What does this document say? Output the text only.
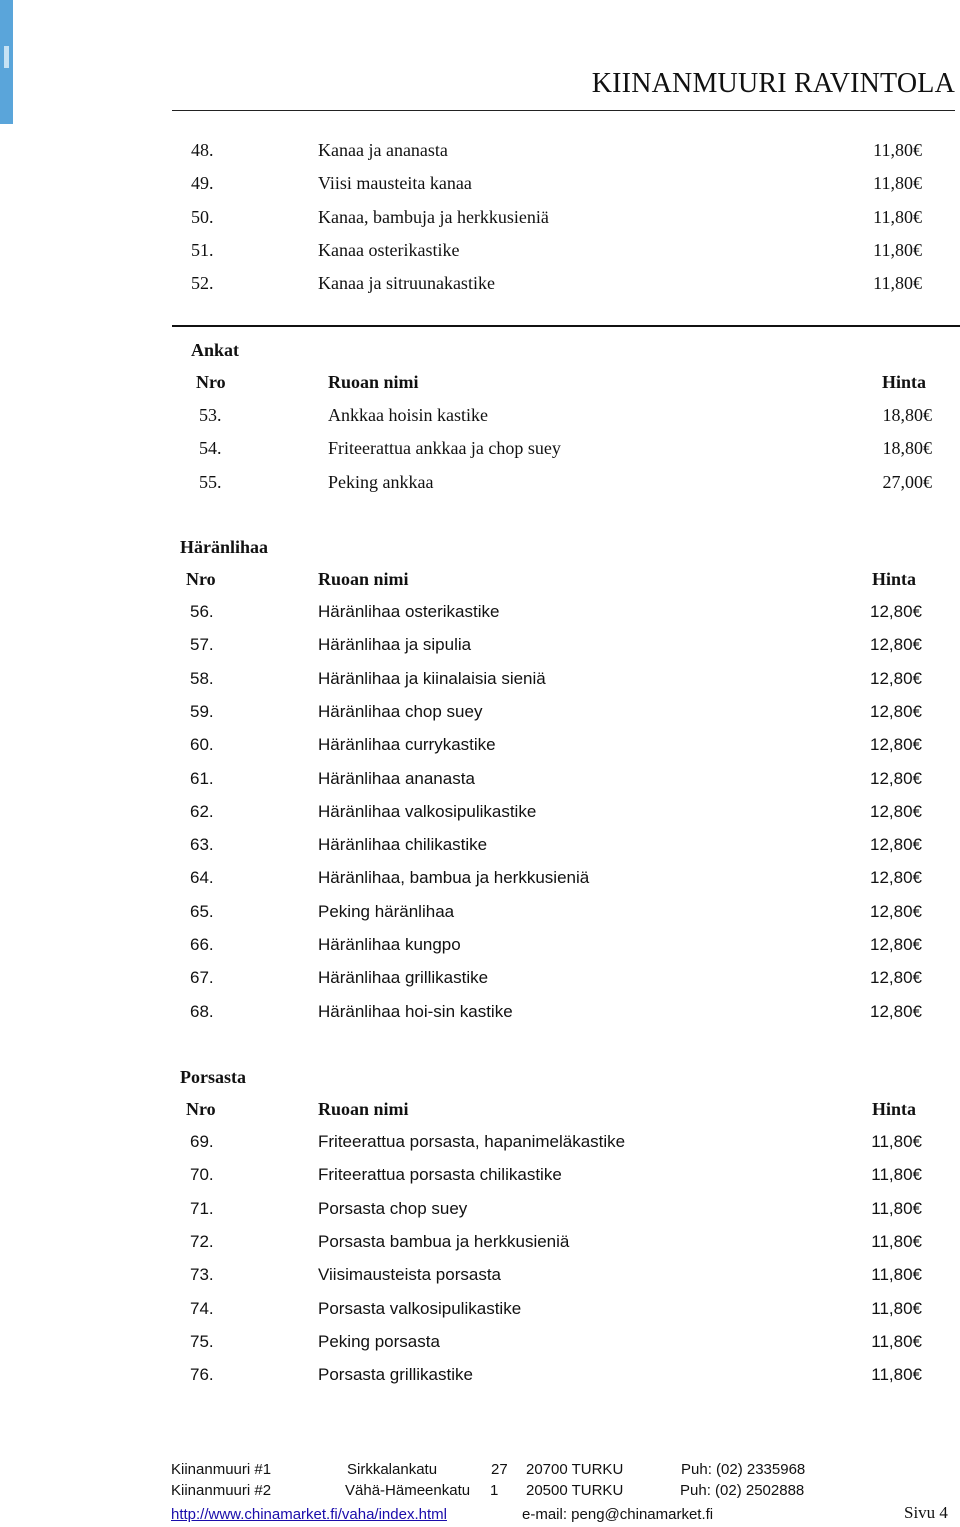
KIINANMUURI RAVINTOLA
48.	Kanaa ja ananasta	11,80€
49.	Viisi mausteita kanaa	11,80€
50.	Kanaa, bambuja ja herkkusieniä	11,80€
51.	Kanaa osterikastike	11,80€
52.	Kanaa ja sitruunakastike	11,80€
Ankat
Nro	Ruoan nimi	Hinta
53.	Ankkaa hoisin kastike	18,80€
54.	Friteerattua ankkaa ja chop suey	18,80€
55.	Peking ankkaa	27,00€
Häränlihaa
Nro	Ruoan nimi	Hinta
56.	Häränlihaa osterikastike	12,80€
57.	Häränlihaa ja sipulia	12,80€
58.	Häränlihaa ja kiinalaisia sieniä	12,80€
59.	Häränlihaa chop suey	12,80€
60.	Häränlihaa currykastike	12,80€
61.	Häränlihaa ananasta	12,80€
62.	Häränlihaa valkosipulikastike	12,80€
63.	Häränlihaa chilikastike	12,80€
64.	Häränlihaa, bambua ja herkkusieniä	12,80€
65.	Peking häränlihaa	12,80€
66.	Häränlihaa kungpo	12,80€
67.	Häränlihaa grillikastike	12,80€
68.	Häränlihaa hoi-sin kastike	12,80€
Porsasta
Nro	Ruoan nimi	Hinta
69.	Friteerattua porsasta, hapanimeläkastike	11,80€
70.	Friteerattua porsasta chilikastike	11,80€
71.	Porsasta chop suey	11,80€
72.	Porsasta bambua ja herkkusieniä	11,80€
73.	Viisimausteista porsasta	11,80€
74.	Porsasta valkosipulikastike	11,80€
75.	Peking porsasta	11,80€
76.	Porsasta grillikastike	11,80€
Kiinanmuuri #1	Sirkkalankatu	27 20700 TURKU	Puh: (02) 2335968
Kiinanmuuri #2	Vähä-Hämeenkatu 1 20500 TURKU	Puh: (02) 2502888
http://www.chinamarket.fi/vaha/index.html	e-mail: peng@chinamarket.fi	Sivu 4
